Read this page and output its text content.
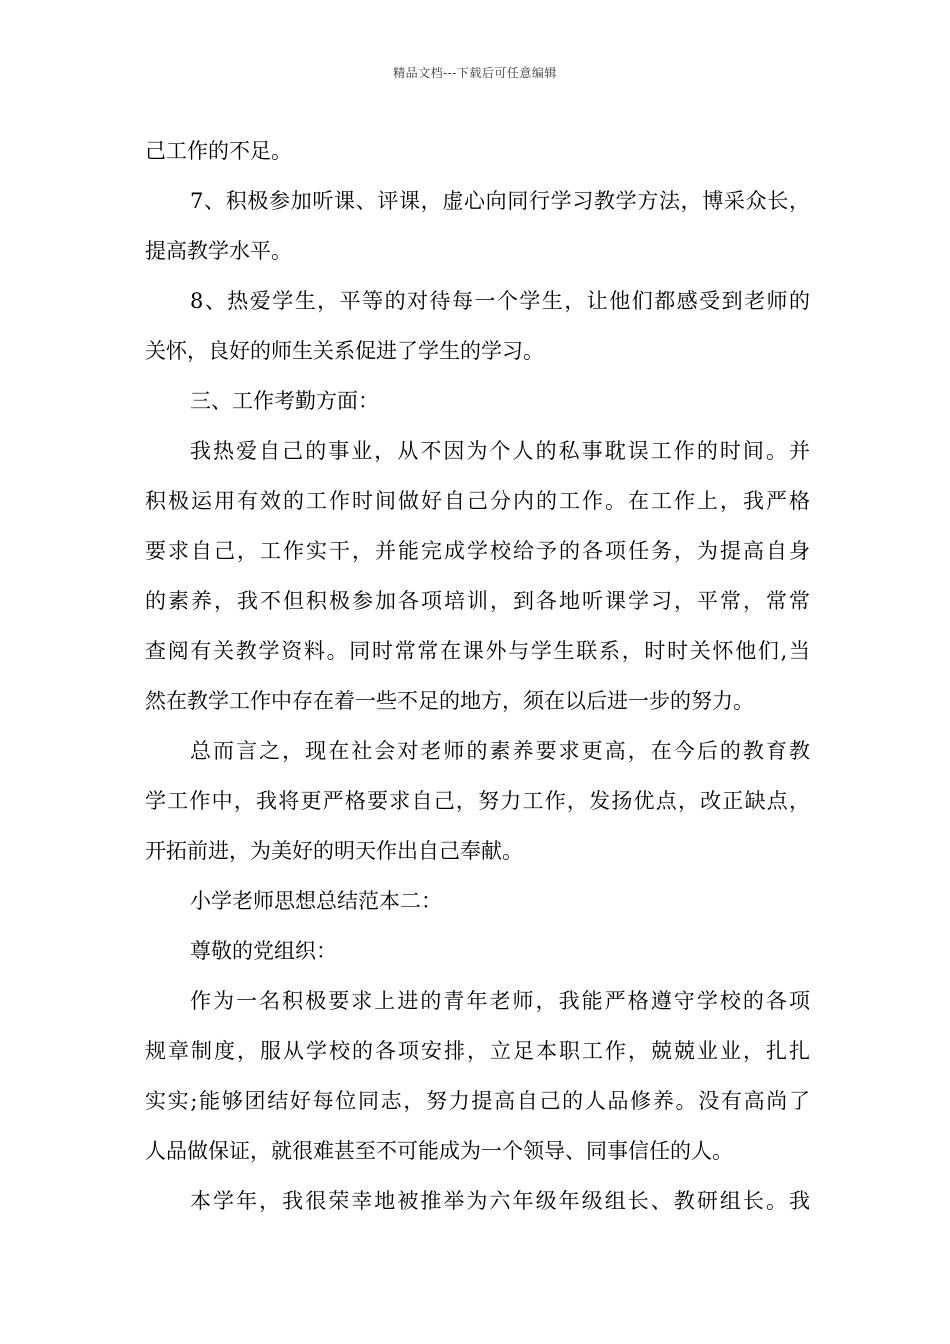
精品文档---下载后可任意编辑
己工作的不足。
7、积极参加听课、评课，虚心向同行学习教学方法，博采众长，
提高教学水平。
8、热爱学生，平等的对待每一个学生，让他们都感受到老师的
关怀，良好的师生关系促进了学生的学习。
三、工作考勤方面：
我热爱自己的事业，从不因为个人的私事耽误工作的时间。并
积极运用有效的工作时间做好自己分内的工作。在工作上，我严格
要求自己，工作实干，并能完成学校给予的各项任务，为提高自身
的素养，我不但积极参加各项培训，到各地听课学习，平常，常常
查阅有关教学资料。同时常常在课外与学生联系，时时关怀他们,当
然在教学工作中存在着一些不足的地方，须在以后进一步的努力。
总而言之，现在社会对老师的素养要求更高，在今后的教育教
学工作中，我将更严格要求自己，努力工作，发扬优点，改正缺点，
开拓前进，为美好的明天作出自己奉献。
小学老师思想总结范本二：
尊敬的党组织：
作为一名积极要求上进的青年老师，我能严格遵守学校的各项
规章制度，服从学校的各项安排，立足本职工作，兢兢业业，扎扎
实实;能够团结好每位同志，努力提高自己的人品修养。没有高尚了
人品做保证，就很难甚至不可能成为一个领导、同事信任的人。
本学年，我很荣幸地被推举为六年级年级组长、教研组长。我
